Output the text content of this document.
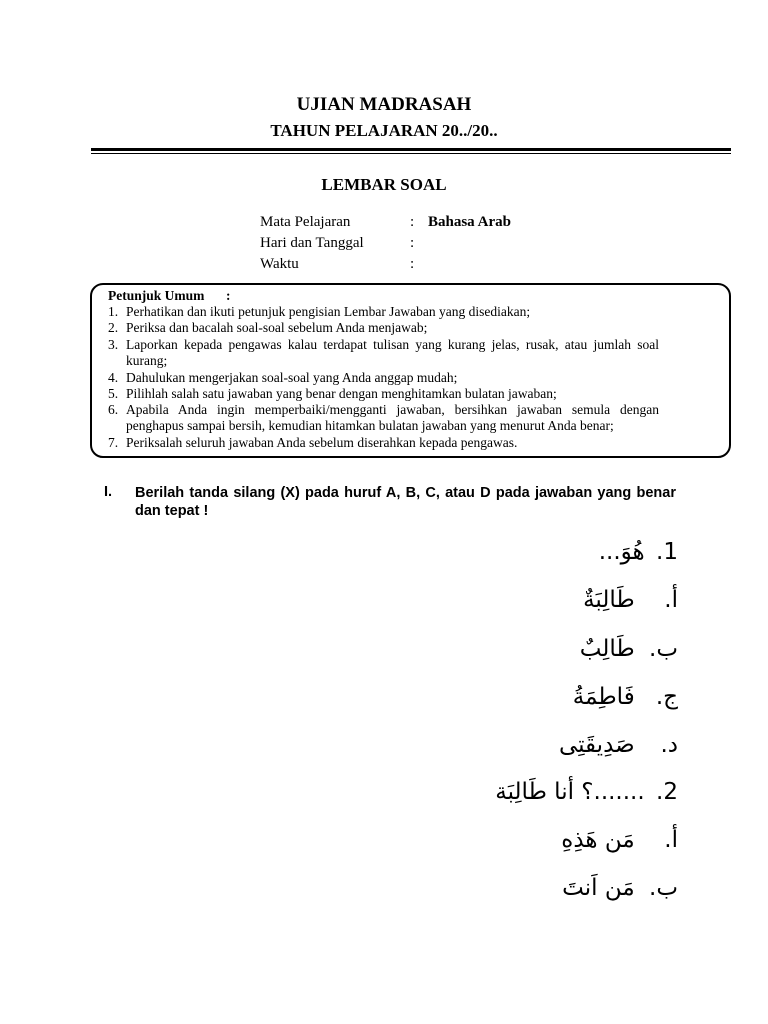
UJIAN MADRASAH
TAHUN PELAJARAN 20../20..
LEMBAR SOAL
Mata Pelajaran	: Bahasa Arab
Hari dan Tanggal	:
Waktu	:
Petunjuk Umum :
1. Perhatikan dan ikuti petunjuk pengisian Lembar Jawaban yang disediakan;
2. Periksa dan bacalah soal-soal sebelum Anda menjawab;
3. Laporkan kepada pengawas kalau terdapat tulisan yang kurang jelas, rusak, atau jumlah soal kurang;
4. Dahulukan mengerjakan soal-soal yang Anda anggap mudah;
5. Pilihlah salah satu jawaban yang benar dengan menghitamkan bulatan jawaban;
6. Apabila Anda ingin memperbaiki/mengganti jawaban, bersihkan jawaban semula dengan penghapus sampai bersih, kemudian hitamkan bulatan jawaban yang menurut Anda benar;
7. Periksalah seluruh jawaban Anda sebelum diserahkan kepada pengawas.
I. Berilah tanda silang (X) pada huruf A, B, C, atau D pada jawaban yang benar dan tepat !
1. هُوَ...
أ. طَالِبَةٌ
ب. طَالِبٌ
ج. فَاطِمَةُ
د. صَدِيقَتِى
2. .......؟ أنا طَالِبَة
أ. مَن هَذِهِ
ب. مَن اَنتَ
